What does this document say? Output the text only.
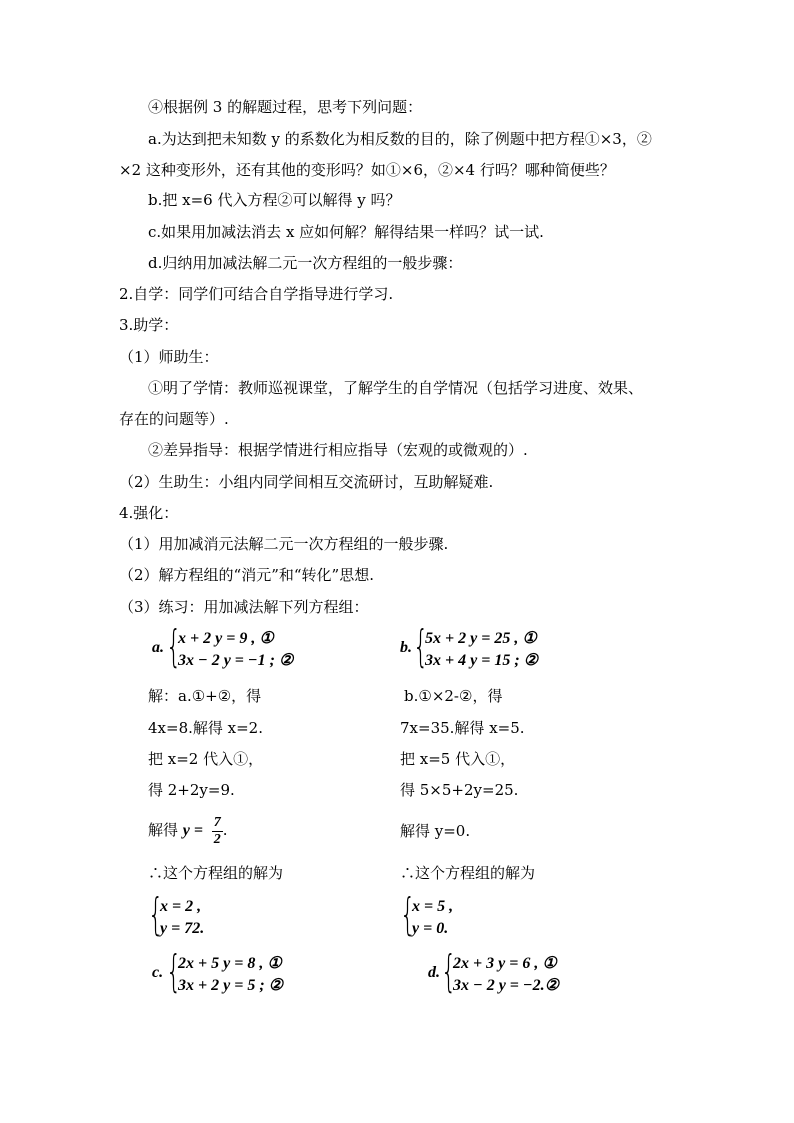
④根据例 3 的解题过程，思考下列问题：
a.为达到把未知数 y 的系数化为相反数的目的，除了例题中把方程①×3，②
×2 这种变形外，还有其他的变形吗？如①×6，②×4 行吗？哪种简便些？
b.把 x=6 代入方程②可以解得 y 吗？
c.如果用加减法消去 x 应如何解？解得结果一样吗？试一试.
d.归纳用加减法解二元一次方程组的一般步骤：
2.自学：同学们可结合自学指导进行学习.
3.助学：
（1）师助生：
①明了学情：教师巡视课堂，了解学生的自学情况（包括学习进度、效果、
存在的问题等）.
②差异指导：根据学情进行相应指导（宏观的或微观的）.
（2）生助生：小组内同学间相互交流研讨，互助解疑难.
4.强化：
（1）用加减消元法解二元一次方程组的一般步骤.
（2）解方程组的“消元”和“转化”思想.
（3）练习：用加减法解下列方程组：
a. {
x + 2 y = 9 , ①
3x − 2 y = −1 ; ②
b. {
5x + 2 y = 25 , ①
3x + 4 y = 15 ; ②
解：a.①+②，得
4x=8.解得 x=2.
把 x=2 代入①，
得 2+2y=9.
解得 $y = \frac{7}{2}$ .
∴这个方程组的解为
{
x = 2 ,
y = 72.
b.①×2-②，得
7x=35.解得 x=5.
把 x=5 代入①，
得 5×5+2y=25.
解得 y=0.
∴这个方程组的解为
{
x = 5 ,
y = 0.
c. {
2x + 5 y = 8 , ①
3x + 2 y = 5 ; ②
d. {
2x + 3 y = 6 , ①
3x − 2 y = −2.②
